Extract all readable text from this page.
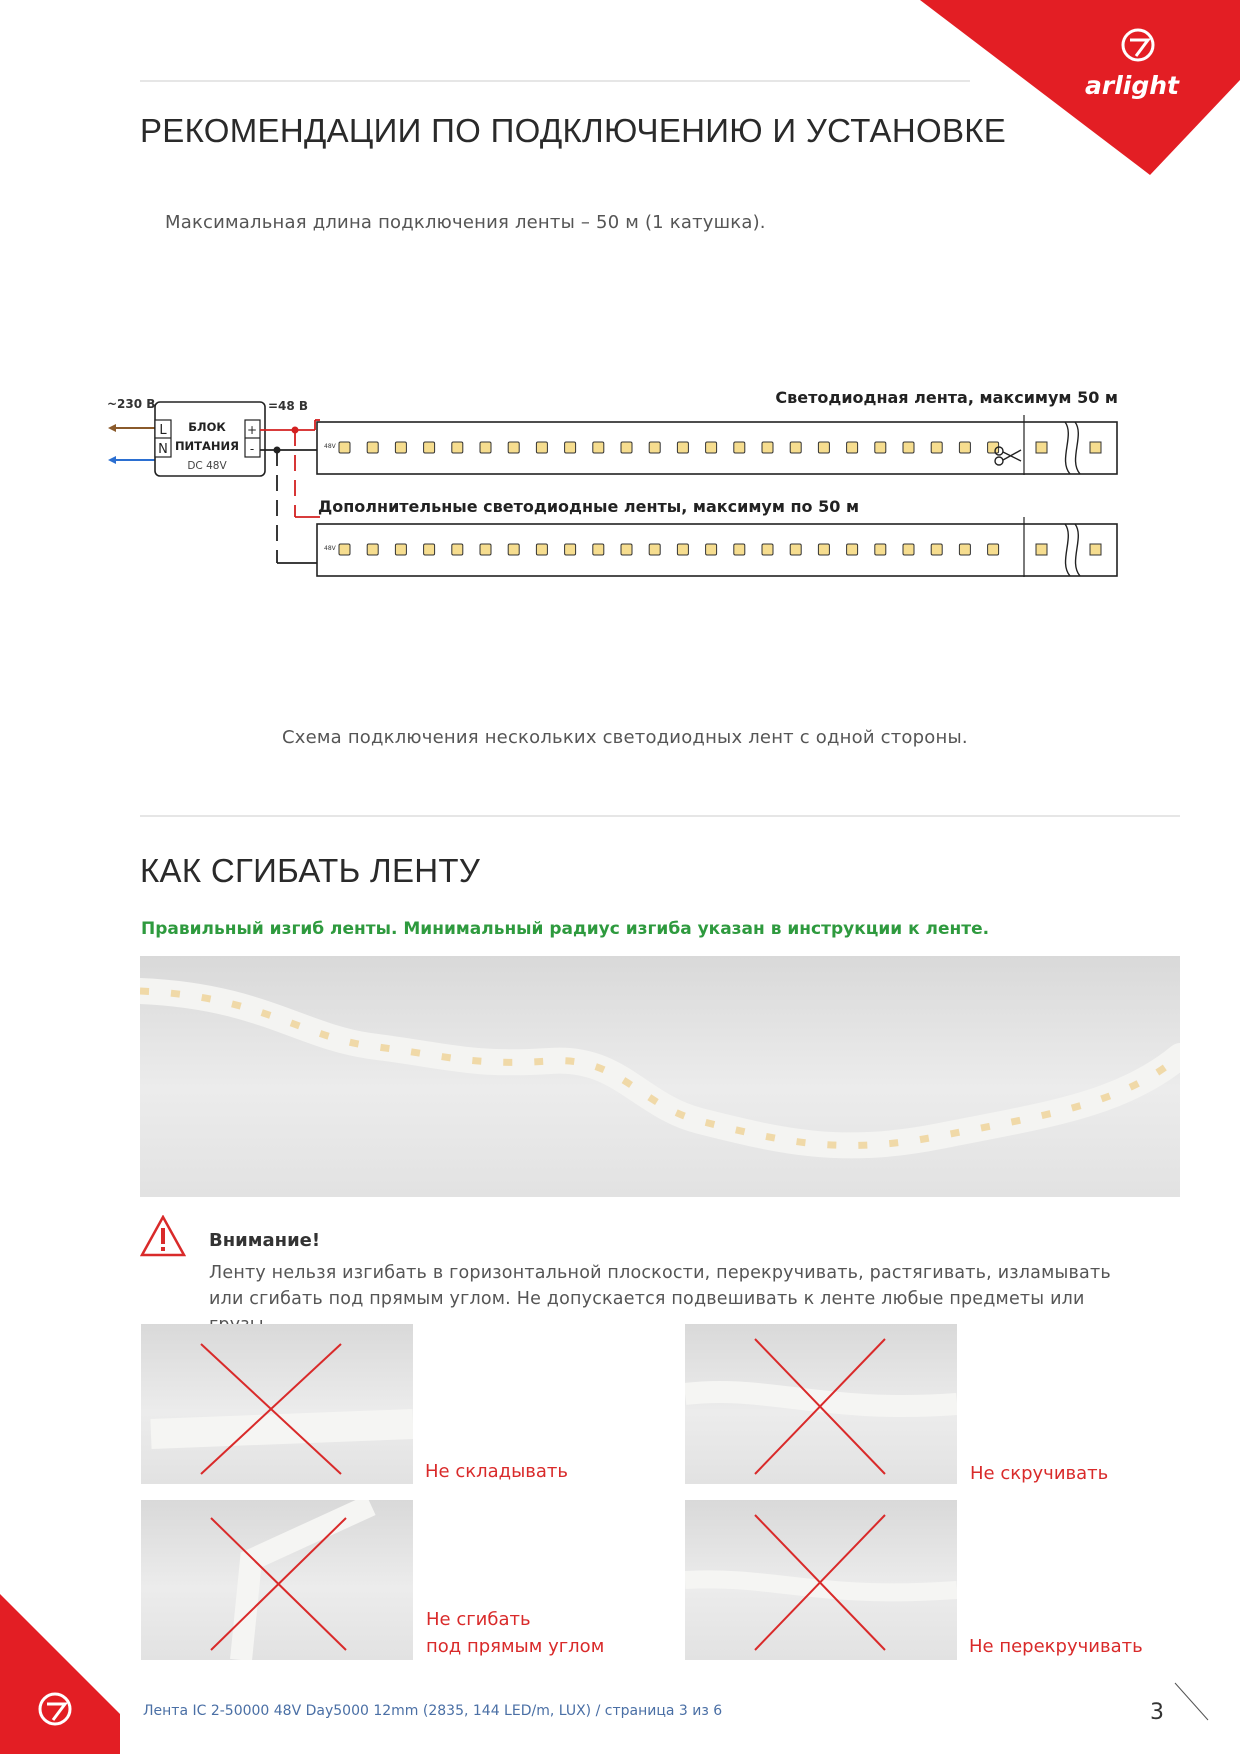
arlight
РЕКОМЕНДАЦИИ ПО ПОДКЛЮЧЕНИЮ И УСТАНОВКЕ
Максимальная длина подключения ленты – 50 м (1 катушка).
~230 В
L
N
БЛОК
ПИТАНИЯ
DC 48V
+
-
=48 В	Светодиодная лента, максимум 50 м
48V
Дополнительные светодиодные ленты, максимум по 50 м
48V
Схема подключения нескольких светодиодных лент с одной стороны.
КАК СГИБАТЬ ЛЕНТУ
Правильный изгиб ленты. Минимальный радиус изгиба указан в инструкции к ленте.
Внимание!
Ленту нельзя изгибать в горизонтальной плоскости, перекручивать, растягивать, изламывать или сгибать под прямым углом. Не допускается подвешивать к ленте любые предметы или
Не складывать	Не скручивать
Не сгибать
под прямым углом	Не перекручивать
Лента IC 2-50000 48V Day5000 12mm (2835, 144 LED/m, LUX) / страница 3 из 6	3
